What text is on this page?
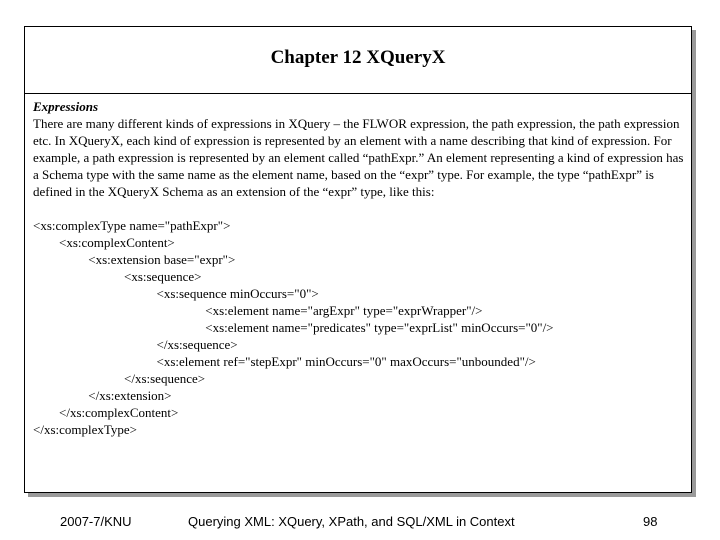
Chapter 12 XQueryX
Expressions

There are many different kinds of expressions in XQuery – the FLWOR expression, the path expression, the path expression etc. In XQueryX, each kind of expression is represented by an element with a name describing that kind of expression. For example, a path expression is represented by an element called “pathExpr.” An element representing a kind of expression has a Schema type with the same name as the element name, based on the “expr” type. For example, the type “pathExpr” is defined in the XQueryX Schema as an extension of the “expr” type, like this:

<xs:complexType name="pathExpr">
<xs:complexContent>
<xs:extension base="expr">
<xs:sequence>
<xs:sequence minOccurs="0">
<xs:element name="argExpr" type="exprWrapper"/>
<xs:element name="predicates" type="exprList" minOccurs="0"/>
</xs:sequence>
<xs:element ref="stepExpr" minOccurs="0" maxOccurs="unbounded"/>
</xs:sequence>
</xs:extension>
</xs:complexContent>
</xs:complexType>
2007-7/KNU	Querying XML: XQuery, XPath, and SQL/XML in Context	98
